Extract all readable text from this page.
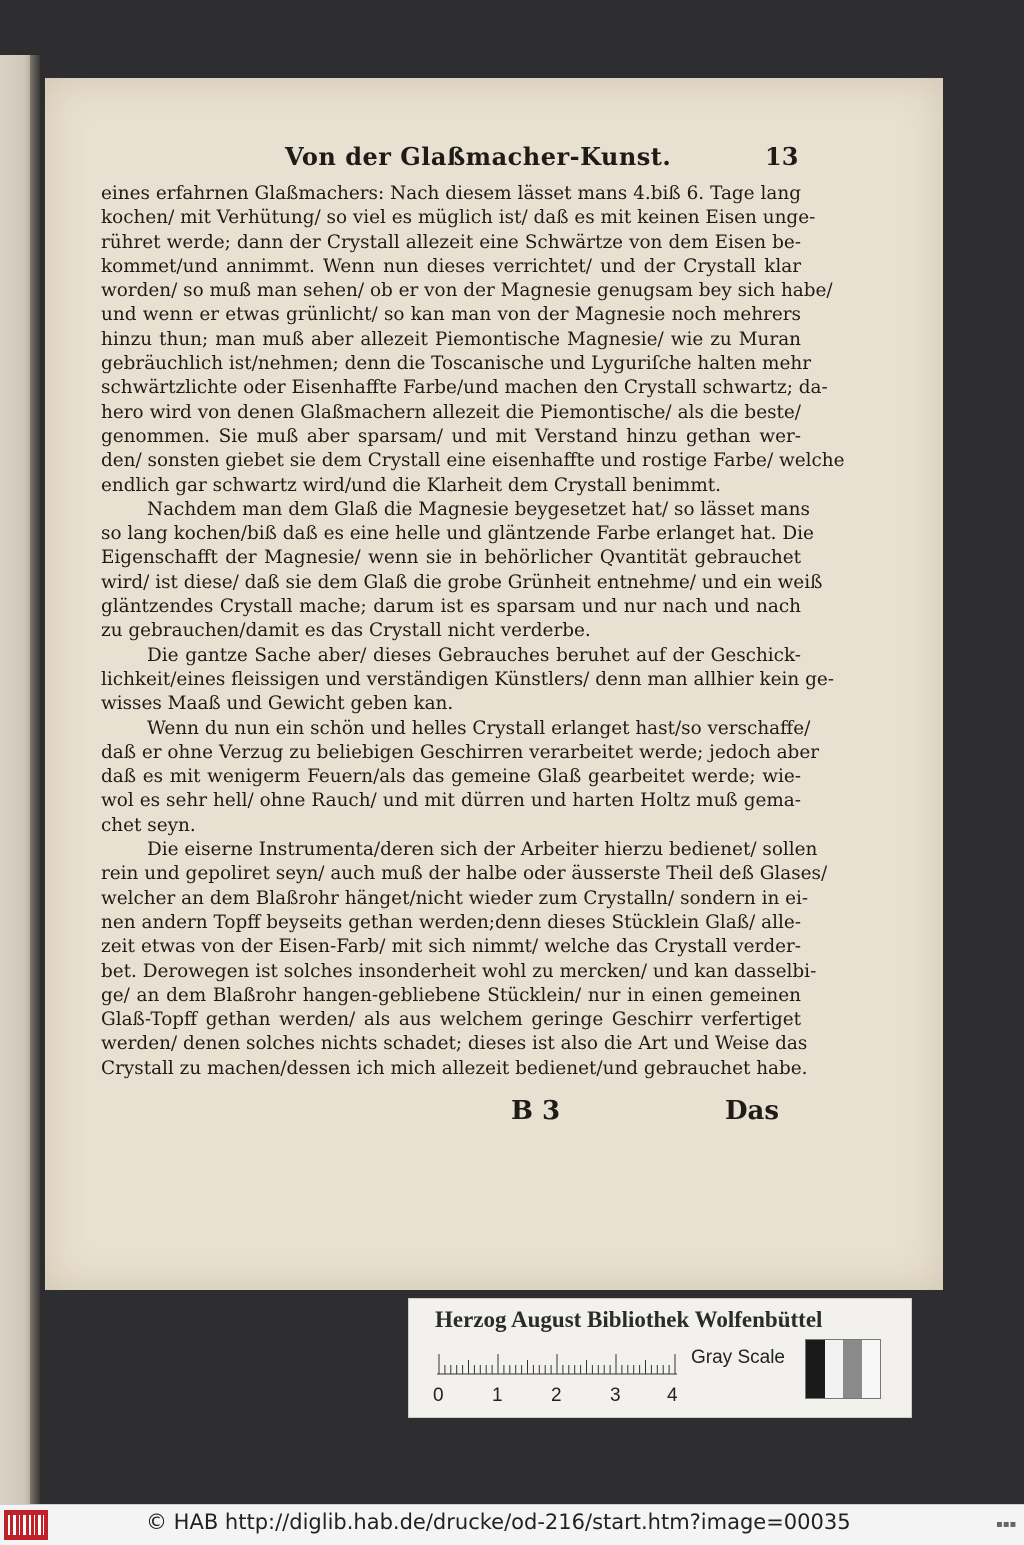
Von der Glaßmacher-Kunst.	13
eines erfahrnen Glaßmachers: Nach diesem lässet mans 4.biß 6. Tage lang
kochen/ mit Verhütung/ so viel es müglich ist/ daß es mit keinen Eisen unge-
rühret werde; dann der Crystall allezeit eine Schwärtze von dem Eisen be-
kommet/und annimmt. Wenn nun dieses verrichtet/ und der Crystall klar
worden/ so muß man sehen/ ob er von der Magnesie genugsam bey sich habe/
und wenn er etwas grünlicht/ so kan man von der Magnesie noch mehrers
hinzu thun; man muß aber allezeit Piemontische Magnesie/ wie zu Muran
gebräuchlich ist/nehmen; denn die Toscanische und Lyguriſche halten mehr
schwärtzlichte oder Eisenhaffte Farbe/und machen den Crystall schwartz; da-
hero wird von denen Glaßmachern allezeit die Piemontische/ als die beste/
genommen. Sie muß aber sparsam/ und mit Verstand hinzu gethan wer-
den/ sonsten giebet sie dem Crystall eine eisenhaffte und rostige Farbe/ welche
endlich gar schwartz wird/und die Klarheit dem Crystall benimmt.
Nachdem man dem Glaß die Magnesie beygesetzet hat/ so lässet mans
so lang kochen/biß daß es eine helle und gläntzende Farbe erlanget hat. Die
Eigenschafft der Magnesie/ wenn sie in behörlicher Qvantität gebrauchet
wird/ ist diese/ daß sie dem Glaß die grobe Grünheit entnehme/ und ein weiß
gläntzendes Crystall mache; darum ist es sparsam und nur nach und nach
zu gebrauchen/damit es das Crystall nicht verderbe.
Die gantze Sache aber/ dieses Gebrauches beruhet auf der Geschick-
lichkeit/eines fleissigen und verständigen Künstlers/ denn man allhier kein ge-
wisses Maaß und Gewicht geben kan.
Wenn du nun ein schön und helles Crystall erlanget hast/so verschaffe/
daß er ohne Verzug zu beliebigen Geschirren verarbeitet werde; jedoch aber
daß es mit wenigerm Feuern/als das gemeine Glaß gearbeitet werde; wie-
wol es sehr hell/ ohne Rauch/ und mit dürren und harten Holtz muß gema-
chet seyn.
Die eiserne Instrumenta/deren sich der Arbeiter hierzu bedienet/ sollen
rein und gepoliret seyn/ auch muß der halbe oder äusserste Theil deß Glases/
welcher an dem Blaßrohr hänget/nicht wieder zum Crystalln/ sondern in ei-
nen andern Topff beyseits gethan werden;denn dieses Stücklein Glaß/ alle-
zeit etwas von der Eisen-Farb/ mit sich nimmt/ welche das Crystall verder-
bet. Derowegen ist solches insonderheit wohl zu mercken/ und kan dasselbi-
ge/ an dem Blaßrohr hangen-gebliebene Stücklein/ nur in einen gemeinen
Glaß-Topff gethan werden/ als aus welchem geringe Geschirr verfertiget
werden/ denen solches nichts schadet; dieses ist also die Art und Weise das
Crystall zu machen/dessen ich mich allezeit bedienet/und gebrauchet habe.
B 3	Das
Herzog August Bibliothek Wolfenbüttel
Gray Scale
0	1	2	3 4
© HAB http://diglib.hab.de/drucke/od-216/start.htm?image=00035	▪▪▪
